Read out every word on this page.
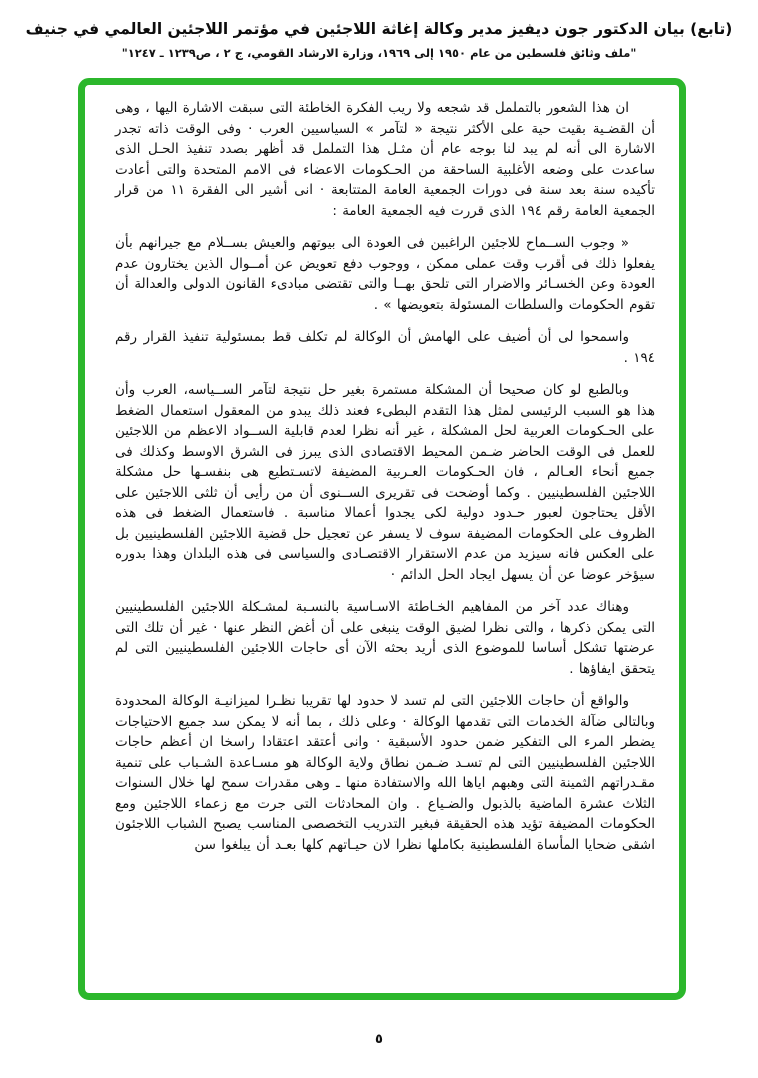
(تابع) بيان الدكتور جون ديفيز مدير وكالة إغاثة اللاجئين في مؤتمر اللاجئين العالمي في جنيف
"ملف وثائق فلسطين من عام ١٩٥٠ إلى ١٩٦٩، وزارة الارشاد القومي، ج ٢ ، ص١٢٣٩ ـ ١٢٤٧"

ان هذا الشعور بالتململ قد شجعه ولا ريب الفكرة الخاطئة التى سبقت الاشارة اليها ، وهى أن القضـية بقيت حية على الأكثر نتيجة « لتآمر » السياسيين العرب · وفى الوقت ذاته تجدر الاشارة الى أنه لم يبد لنا بوجه عام أن مثـل هذا التململ قد أظهر بصدد تنفيذ الحـل الذى ساعدت على وضعه الأغلبية الساحقة من الحـكومات الاعضاء فى الامم المتحدة والتى أعادت تأكيده سنة بعد سنة فى دورات الجمعية العامة المتتابعة · انى أشير الى الفقرة ١١ من قرار الجمعية العامة رقم ١٩٤ الذى قررت فيه الجمعية العامة :

« وجوب الســماح للاجئين الراغبين فى العودة الى بيوتهم والعيش بســلام مع جيرانهم بأن يفعلوا ذلك فى أقرب وقت عملى ممكن ، ووجوب دفع تعويض عن أمــوال الذين يختارون عدم العودة وعن الخسـائر والاضرار التى تلحق بهــا والتى تقتضى مبادىء القانون الدولى والعدالة أن تقوم الحكومات والسلطات المسئولة بتعويضها » .

واسمحوا لى أن أضيف على الهامش أن الوكالة لم تكلف قط بمسئولية تنفيذ القرار رقم ١٩٤ .

وبالطبع لو كان صحيحا أن المشكلة مستمرة بغير حل نتيجة لتآمر الســياسه، العرب وأن هذا هو السبب الرئيسى لمثل هذا التقدم البطىء فعند ذلك يبدو من المعقول استعمال الضغط على الحـكومات العربية لحل المشكلة ، غير أنه نظرا لعدم قابلية الســواد الاعظم من اللاجئين للعمل فى الوقت الحاضر ضـمن المحيط الاقتصادى الذى يبرز فى الشرق الاوسط وكذلك فى جميع أنحاء العـالم ، فان الحـكومات العـربية المضيفة لاتسـتطيع هى بنفسـها حل مشكلة اللاجئين الفلسطينيين . وكما أوضحت فى تقريرى الســنوى أن من رأيى أن ثلثى اللاجئين على الأقل يحتاجون لعبور حـدود دولية لكى يجدوا أعمالا مناسبة . فاستعمال الضغط فى هذه الظروف على الحكومات المضيفة سوف لا يسفر عن تعجيل حل قضية اللاجئين الفلسطينيين بل على العكس فانه سيزيد من عدم الاستقرار الاقتصـادى والسياسى فى هذه البلدان وهذا بدوره سيؤخر عوضا عن أن يسهل ايجاد الحل الدائم ·

وهناك عدد آخر من المفاهيم الخـاطئة الاسـاسية بالنسـبة لمشـكلة اللاجئين الفلسطينيين التى يمكن ذكرها ، والتى نظرا لضيق الوقت ينبغى على أن أغض النظر عنها · غير أن تلك التى عرضتها تشكل أساسا للموضوع الذى أريد بحثه الآن أى حاجات اللاجئين الفلسطينيين التى لم يتحقق ايفاؤها .

والواقع أن حاجات اللاجئين التى لم تسد لا حدود لها تقريبا نظـرا لميزانيـة الوكالة المحدودة وبالتالى ضآلة الخدمات التى تقدمها الوكالة · وعلى ذلك ، بما أنه لا يمكن سد جميع الاحتياجات يضطر المرء الى التفكير ضمن حدود الأسبقية · وانى أعتقد اعتقادا راسخا ان أعظم حاجات اللاجئين الفلسطينيين التى لم تسـد ضـمن نطاق ولاية الوكالة هو مسـاعدة الشـباب على تنمية مقـدراتهم الثمينة التى وهبهم اياها الله والاستفادة منها ـ وهى مقدرات سمح لها خلال السنوات الثلاث عشرة الماضية بالذبول والضـياع . وان المحادثات التى جرت مع زعماء اللاجئين ومع الحكومات المضيفة تؤيد هذه الحقيقة فبغير التدريب التخصصى المناسب يصبح الشباب اللاجئون اشقى ضحايا المأساة الفلسطينية بكاملها نظرا لان حيـاتهم كلها بعـد أن يبلغوا سن

٥
